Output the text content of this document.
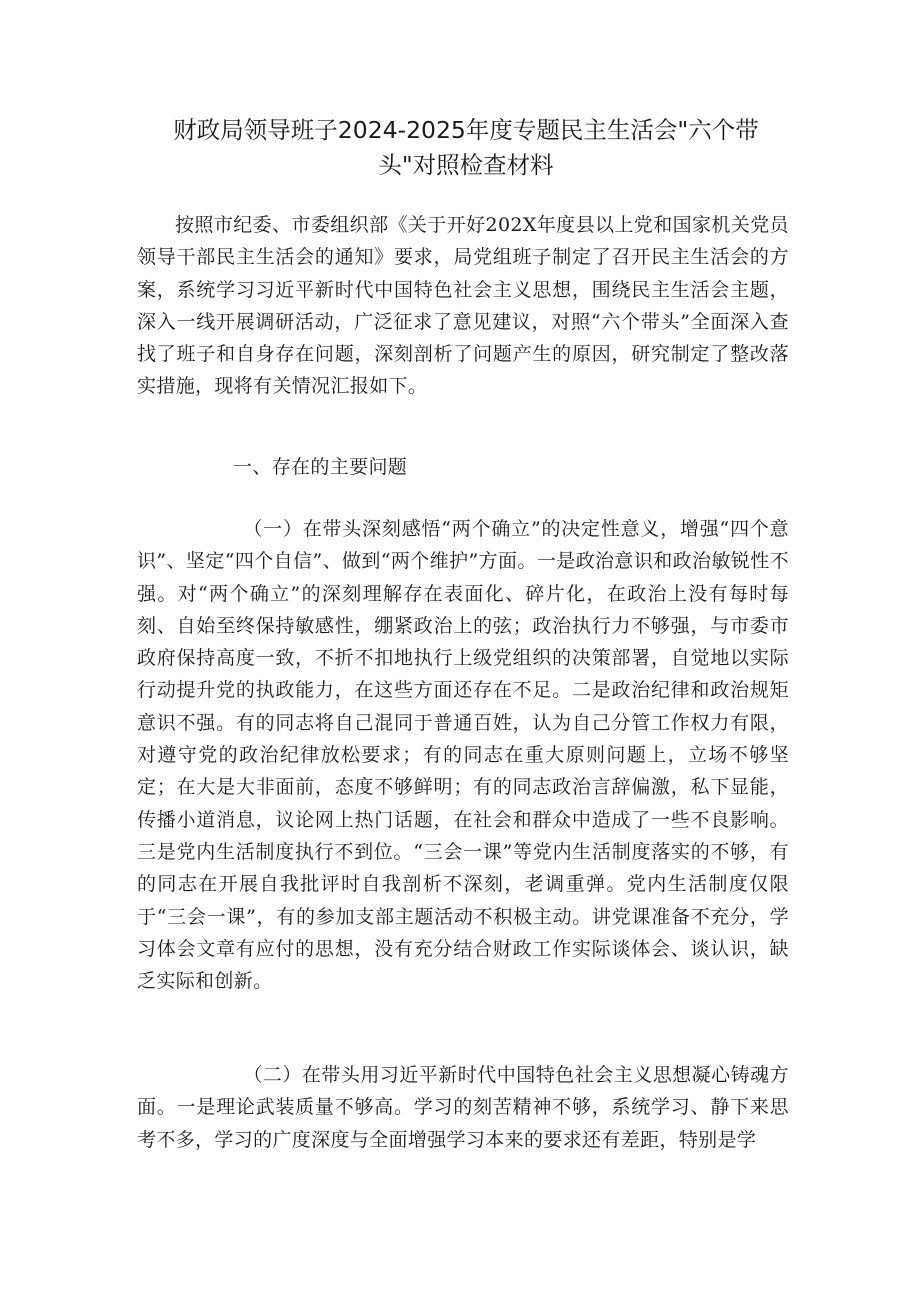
财政局领导班子2024-2025年度专题民主生活会"六个带
头"对照检查材料

按照市纪委、市委组织部《关于开好202X年度县以上党和国家机关党员领导干部民主生活会的通知》要求，局党组班子制定了召开民主生活会的方案，系统学习习近平新时代中国特色社会主义思想，围绕民主生活会主题，深入一线开展调研活动，广泛征求了意见建议，对照“六个带头”全面深入查找了班子和自身存在问题，深刻剖析了问题产生的原因，研究制定了整改落实措施，现将有关情况汇报如下。

一、存在的主要问题

（一）在带头深刻感悟“两个确立”的决定性意义，增强“四个意识”、坚定“四个自信”、做到“两个维护”方面。一是政治意识和政治敏锐性不强。对“两个确立”的深刻理解存在表面化、碎片化，在政治上没有每时每刻、自始至终保持敏感性，绷紧政治上的弦；政治执行力不够强，与市委市政府保持高度一致，不折不扣地执行上级党组织的决策部署，自觉地以实际行动提升党的执政能力，在这些方面还存在不足。二是政治纪律和政治规矩意识不强。有的同志将自己混同于普通百姓，认为自己分管工作权力有限，对遵守党的政治纪律放松要求；有的同志在重大原则问题上，立场不够坚定；在大是大非面前，态度不够鲜明；有的同志政治言辞偏激，私下显能，传播小道消息，议论网上热门话题，在社会和群众中造成了一些不良影响。三是党内生活制度执行不到位。“三会一课”等党内生活制度落实的不够，有的同志在开展自我批评时自我剖析不深刻，老调重弹。党内生活制度仅限于“三会一课”，有的参加支部主题活动不积极主动。讲党课准备不充分，学习体会文章有应付的思想，没有充分结合财政工作实际谈体会、谈认识，缺乏实际和创新。

（二）在带头用习近平新时代中国特色社会主义思想凝心铸魂方面。一是理论武装质量不够高。学习的刻苦精神不够，系统学习、静下来思考不多，学习的广度深度与全面增强学习本来的要求还有差距，特别是学
